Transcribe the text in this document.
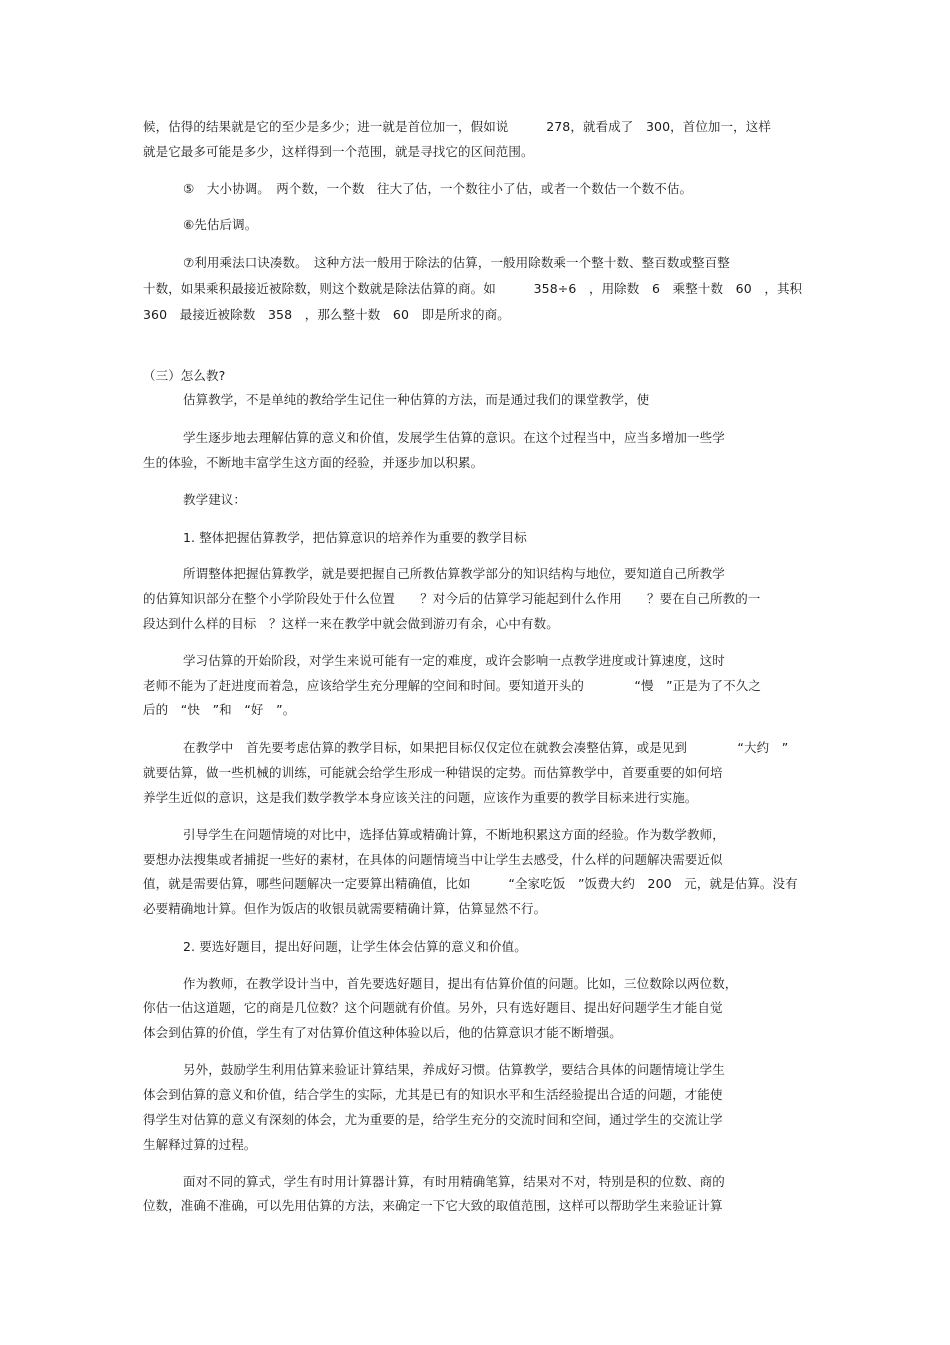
候，估得的结果就是它的至少是多少；进一就是首位加一，假如说　　　278，就看成了　300，首位加一，这样
就是它最多可能是多少，这样得到一个范围，就是寻找它的区间范围。
⑤　大小协调。　两个数，一个数　往大了估，一个数往小了估，或者一个数估一个数不估。
⑥先估后调。
⑦利用乘法口诀凑数。　这种方法一般用于除法的估算，一般用除数乘一个整十数、整百数或整百整
十数，如果乘积最接近被除数，则这个数就是除法估算的商。如　　　358÷6　，用除数　6　乘整十数　60　，其积
360　最接近被除数　358　，那么整十数　60　即是所求的商。
（三）怎么教?
估算教学，不是单纯的教给学生记住一种估算的方法，而是通过我们的课堂教学，使
学生逐步地去理解估算的意义和价值，发展学生估算的意识。在这个过程当中，应当多增加一些学
生的体验，不断地丰富学生这方面的经验，并逐步加以积累。
教学建议：
1. 整体把握估算教学，把估算意识的培养作为重要的教学目标
所谓整体把握估算教学，就是要把握自己所教估算教学部分的知识结构与地位，要知道自己所教学
的估算知识部分在整个小学阶段处于什么位置　　？对今后的估算学习能起到什么作用　　？要在自己所教的一
段达到什么样的目标　？这样一来在教学中就会做到游刃有余，心中有数。
学习估算的开始阶段，对学生来说可能有一定的难度，或许会影响一点教学进度或计算速度，这时
老师不能为了赶进度而着急，应该给学生充分理解的空间和时间。要知道开头的　　　　“慢　”正是为了不久之
后的　“快　”和　“好　”。
在教学中　首先要考虑估算的教学目标，如果把目标仅仅定位在就教会凑整估算，或是见到　　　　“大约　”
就要估算，做一些机械的训练，可能就会给学生形成一种错误的定势。而估算教学中，首要重要的如何培
养学生近似的意识，这是我们数学教学本身应该关注的问题，应该作为重要的教学目标来进行实施。
引导学生在问题情境的对比中，选择估算或精确计算，不断地积累这方面的经验。作为数学教师，
要想办法搜集或者捕捉一些好的素材，在具体的问题情境当中让学生去感受，什么样的问题解决需要近似
值，就是需要估算，哪些问题解决一定要算出精确值，比如　　　“全家吃饭　”饭费大约　200　元，就是估算。没有
必要精确地计算。但作为饭店的收银员就需要精确计算，估算显然不行。
2. 要选好题目，提出好问题，让学生体会估算的意义和价值。
作为教师，在教学设计当中，首先要选好题目，提出有估算价值的问题。比如，三位数除以两位数，
你估一估这道题，它的商是几位数？这个问题就有价值。另外，只有选好题目、提出好问题学生才能自觉
体会到估算的价值，学生有了对估算价值这种体验以后，他的估算意识才能不断增强。
另外，鼓励学生利用估算来验证计算结果，养成好习惯。估算教学，要结合具体的问题情境让学生
体会到估算的意义和价值，结合学生的实际，尤其是已有的知识水平和生活经验提出合适的问题，才能使
得学生对估算的意义有深刻的体会，尤为重要的是，给学生充分的交流时间和空间，通过学生的交流让学
生解释过算的过程。
面对不同的算式，学生有时用计算器计算，有时用精确笔算，结果对不对，特别是积的位数、商的
位数，准确不准确，可以先用估算的方法，来确定一下它大致的取值范围，这样可以帮助学生来验证计算
